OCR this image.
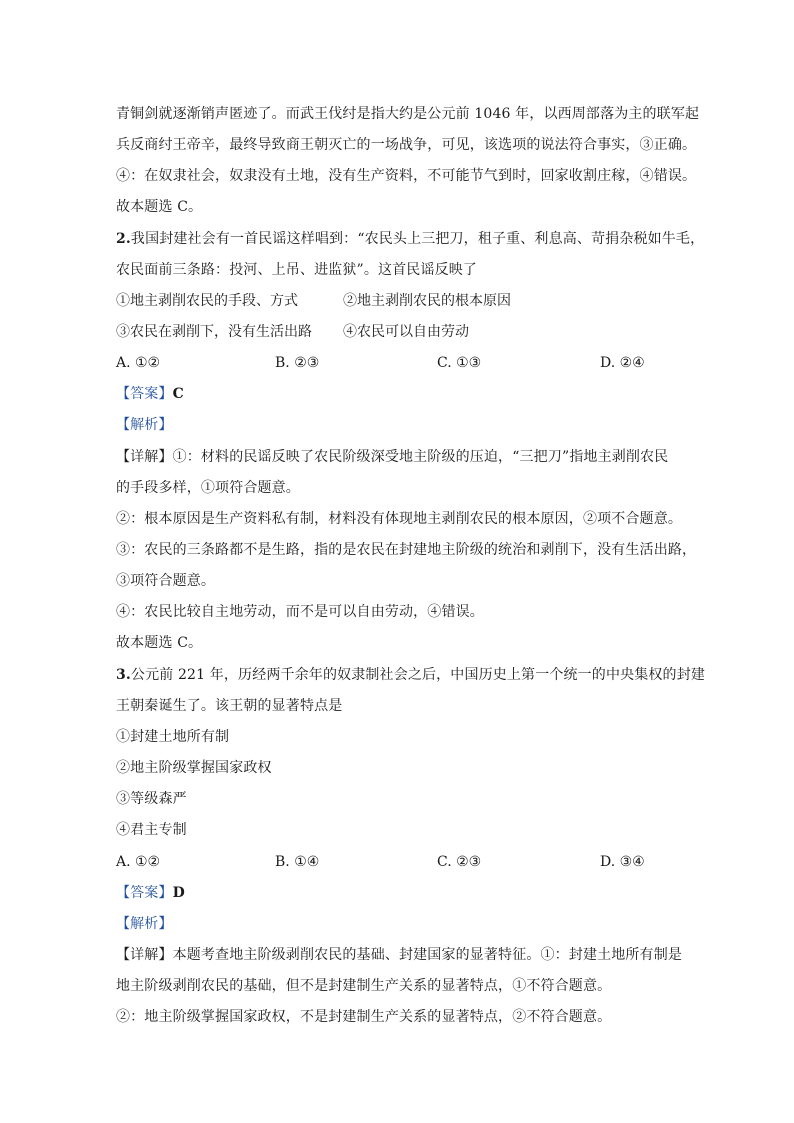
青铜剑就逐渐销声匿迹了。而武王伐纣是指大约是公元前 1046 年，以西周部落为主的联军起
兵反商纣王帝辛，最终导致商王朝灭亡的一场战争，可见，该选项的说法符合事实，③正确。
④：在奴隶社会，奴隶没有土地，没有生产资料，不可能节气到时，回家收割庄稼，④错误。
故本题选 C。
2.我国封建社会有一首民谣这样唱到：“农民头上三把刀，租子重、利息高、苛捐杂税如牛毛，
农民面前三条路：投河、上吊、进监狱”。这首民谣反映了
①地主剥削农民的手段、方式	②地主剥削农民的根本原因
③农民在剥削下，没有生活出路 ④农民可以自由劳动
A. ①②	B. ②③	C. ①③	D. ②④
【答案】C
【解析】
【详解】①：材料的民谣反映了农民阶级深受地主阶级的压迫，“三把刀”指地主剥削农民
的手段多样，①项符合题意。
②：根本原因是生产资料私有制，材料没有体现地主剥削农民的根本原因，②项不合题意。
③：农民的三条路都不是生路，指的是农民在封建地主阶级的统治和剥削下，没有生活出路，
③项符合题意。
④：农民比较自主地劳动，而不是可以自由劳动，④错误。
故本题选 C。
3.公元前 221 年，历经两千余年的奴隶制社会之后，中国历史上第一个统一的中央集权的封建
王朝秦诞生了。该王朝的显著特点是
①封建土地所有制
②地主阶级掌握国家政权
③等级森严
④君主专制
A. ①②	B. ①④	C. ②③	D. ③④
【答案】D
【解析】
【详解】本题考查地主阶级剥削农民的基础、封建国家的显著特征。①：封建土地所有制是
地主阶级剥削农民的基础，但不是封建制生产关系的显著特点，①不符合题意。
②：地主阶级掌握国家政权，不是封建制生产关系的显著特点，②不符合题意。
